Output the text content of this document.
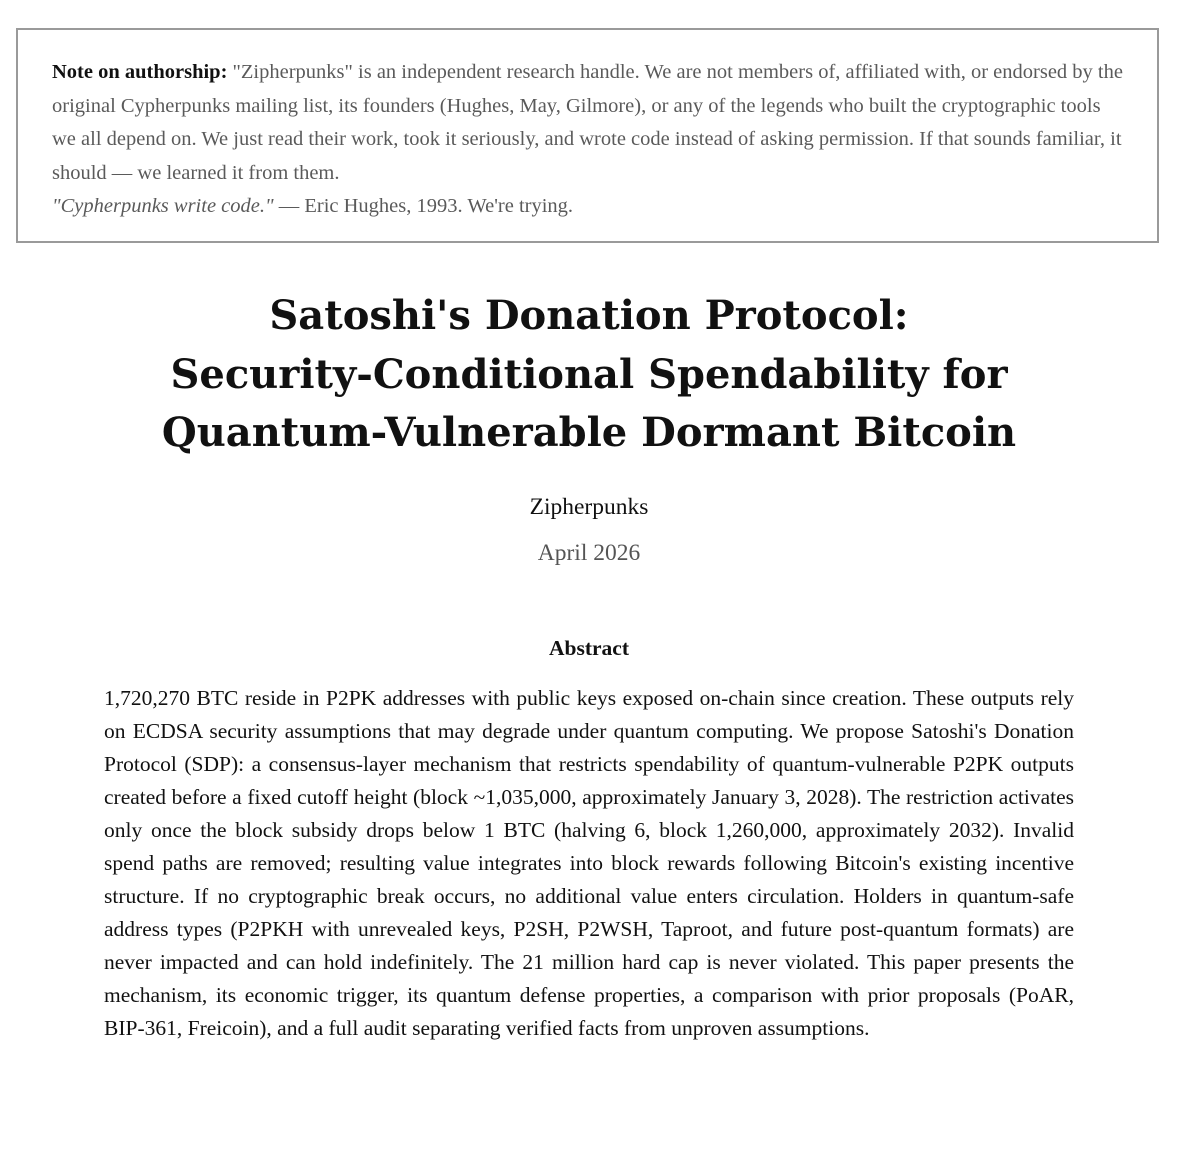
Note on authorship: "Zipherpunks" is an independent research handle. We are not members of, affiliated with, or endorsed by the original Cypherpunks mailing list, its founders (Hughes, May, Gilmore), or any of the legends who built the cryptographic tools we all depend on. We just read their work, took it seriously, and wrote code instead of asking permission. If that sounds familiar, it should — we learned it from them.
"Cypherpunks write code." — Eric Hughes, 1993. We're trying.
Satoshi's Donation Protocol:
Security-Conditional Spendability for
Quantum-Vulnerable Dormant Bitcoin
Zipherpunks
April 2026
Abstract

1,720,270 BTC reside in P2PK addresses with public keys exposed on-chain since creation. These outputs rely on ECDSA security assumptions that may degrade under quantum computing. We propose Satoshi's Donation Protocol (SDP): a consensus-layer mechanism that restricts spendability of quantum-vulnerable P2PK outputs created before a fixed cutoff height (block ~1,035,000, approximately January 3, 2028). The restriction activates only once the block subsidy drops below 1 BTC (halving 6, block 1,260,000, approximately 2032). Invalid spend paths are removed; resulting value integrates into block rewards following Bitcoin's existing incentive structure. If no cryptographic break occurs, no additional value enters circulation. Holders in quantum-safe address types (P2PKH with unrevealed keys, P2SH, P2WSH, Taproot, and future post-quantum formats) are never impacted and can hold indefinitely. The 21 million hard cap is never violated. This paper presents the mechanism, its economic trigger, its quantum defense properties, a comparison with prior proposals (PoAR, BIP-361, Freicoin), and a full audit separating verified facts from unproven assumptions.
